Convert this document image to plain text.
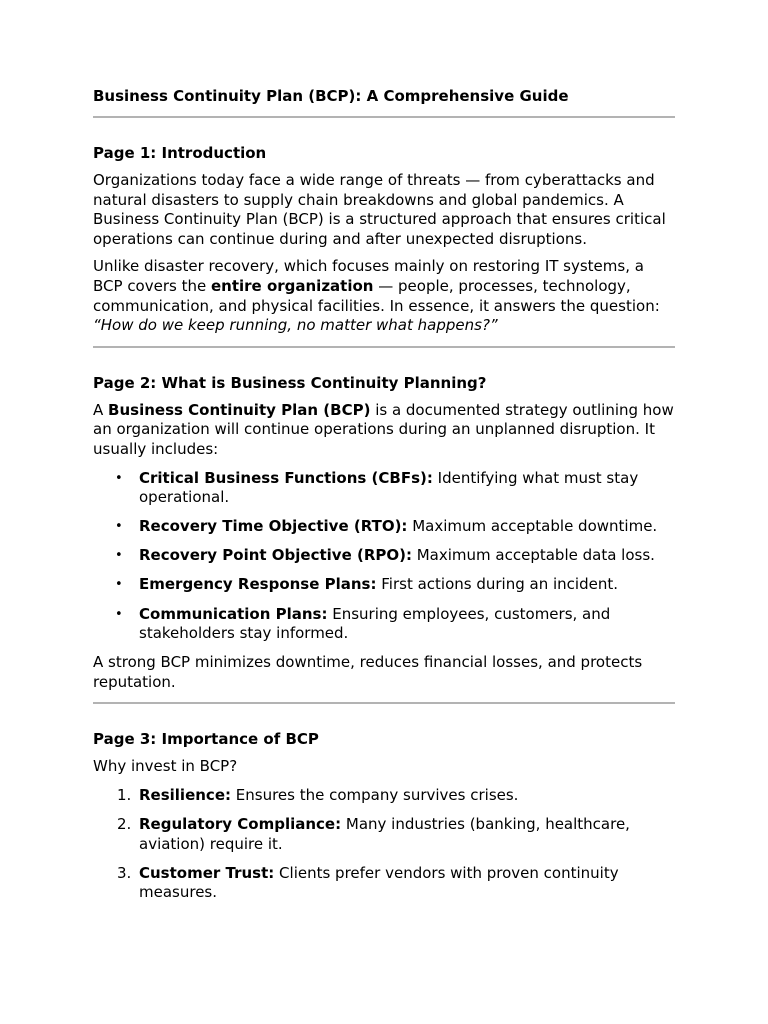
Business Continuity Plan (BCP): A Comprehensive Guide
Page 1: Introduction

Organizations today face a wide range of threats — from cyberattacks and natural disasters to supply chain breakdowns and global pandemics. A Business Continuity Plan (BCP) is a structured approach that ensures critical operations can continue during and after unexpected disruptions.

Unlike disaster recovery, which focuses mainly on restoring IT systems, a BCP covers the entire organization — people, processes, technology, communication, and physical facilities. In essence, it answers the question: “How do we keep running, no matter what happens?”

Page 2: What is Business Continuity Planning?

A Business Continuity Plan (BCP) is a documented strategy outlining how an organization will continue operations during an unplanned disruption. It usually includes:

• Critical Business Functions (CBFs): Identifying what must stay operational.
• Recovery Time Objective (RTO): Maximum acceptable downtime.
• Recovery Point Objective (RPO): Maximum acceptable data loss.
• Emergency Response Plans: First actions during an incident.
• Communication Plans: Ensuring employees, customers, and stakeholders stay informed.

A strong BCP minimizes downtime, reduces financial losses, and protects reputation.

Page 3: Importance of BCP

Why invest in BCP?

1. Resilience: Ensures the company survives crises.
2. Regulatory Compliance: Many industries (banking, healthcare, aviation) require it.
3. Customer Trust: Clients prefer vendors with proven continuity measures.
